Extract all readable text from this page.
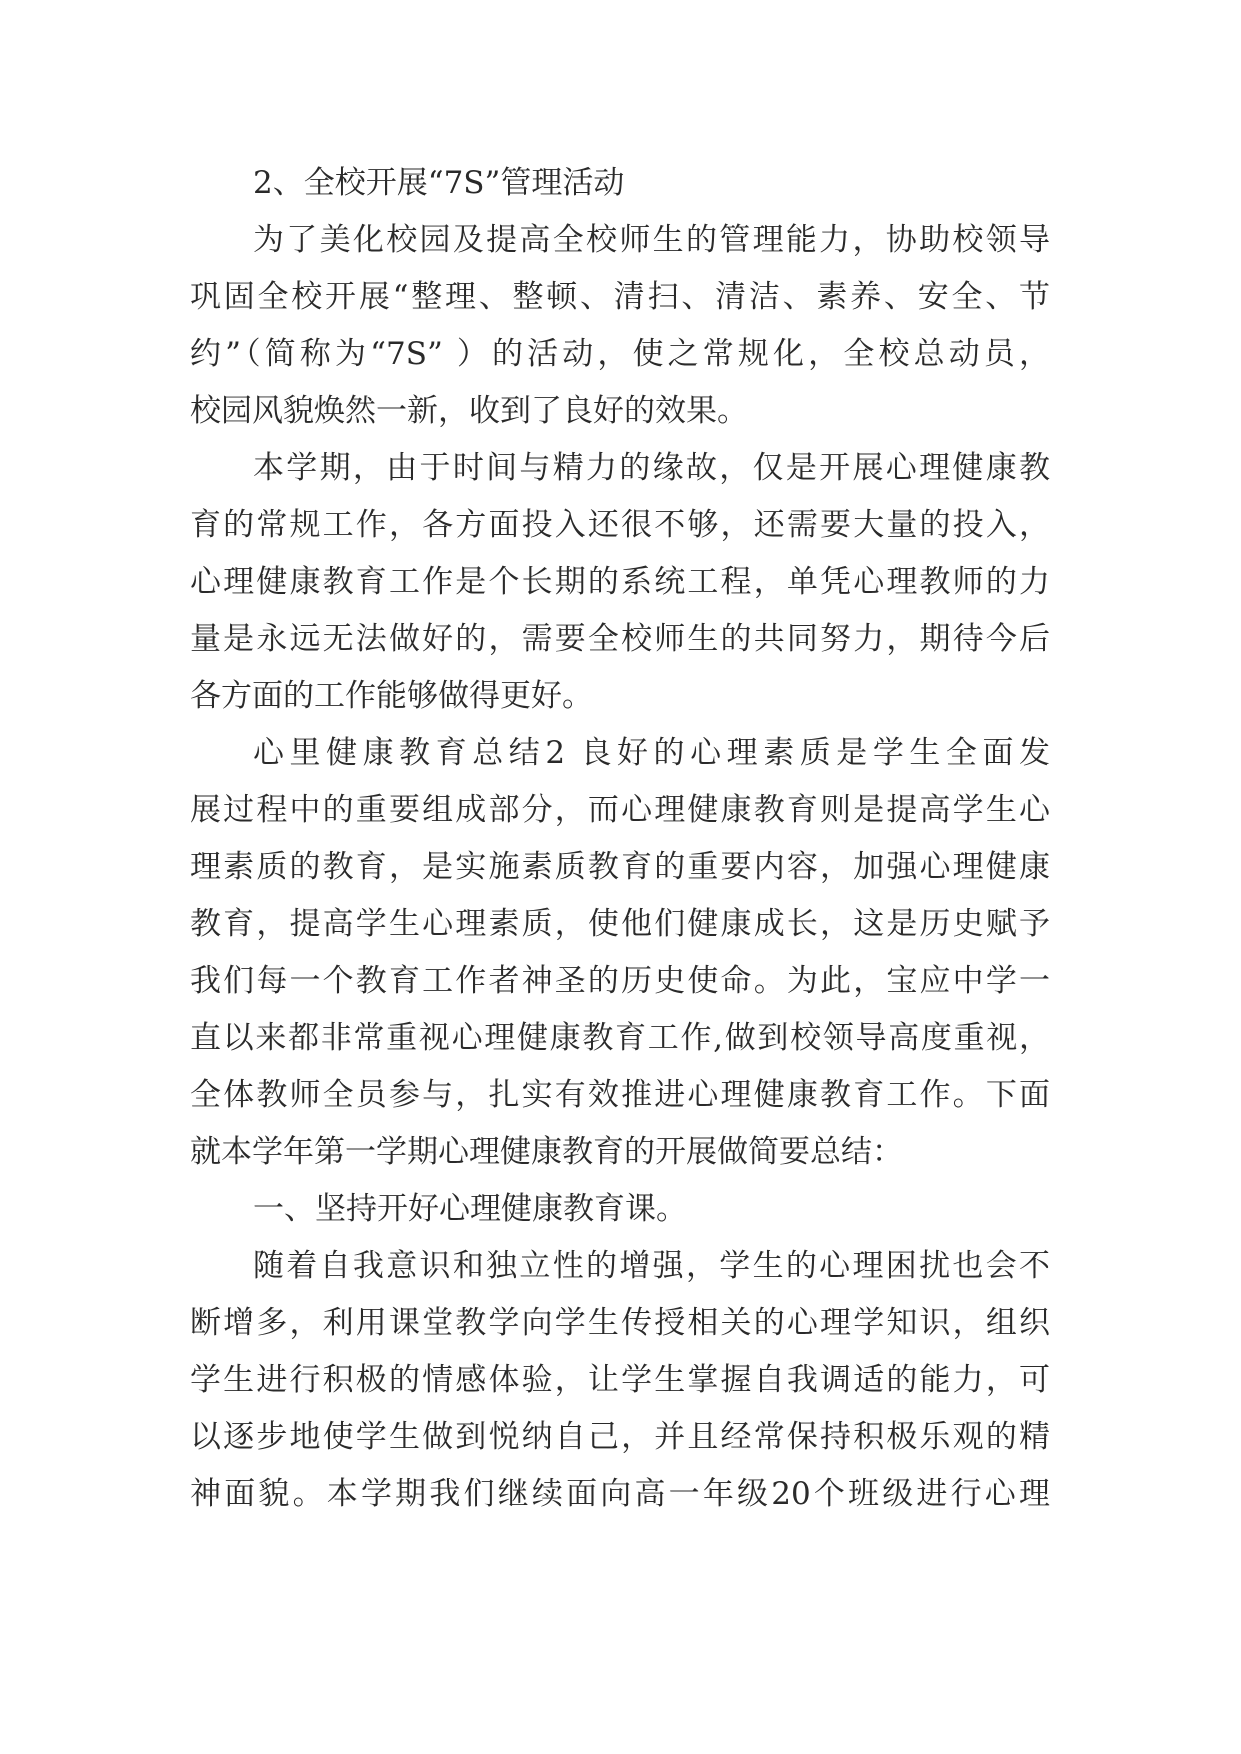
2、全校开展“7S”管理活动
为了美化校园及提高全校师生的管理能力，协助校领导
巩固全校开展“整理、整顿、清扫、清洁、素养、安全、节
约”（简称为“7S” ）的活动，使之常规化，全校总动员，
校园风貌焕然一新，收到了良好的效果。
本学期，由于时间与精力的缘故，仅是开展心理健康教
育的常规工作，各方面投入还很不够，还需要大量的投入，
心理健康教育工作是个长期的系统工程，单凭心理教师的力
量是永远无法做好的，需要全校师生的共同努力，期待今后
各方面的工作能够做得更好。
心里健康教育总结2 良好的心理素质是学生全面发
展过程中的重要组成部分，而心理健康教育则是提高学生心
理素质的教育，是实施素质教育的重要内容，加强心理健康
教育，提高学生心理素质，使他们健康成长，这是历史赋予
我们每一个教育工作者神圣的历史使命。为此，宝应中学一
直以来都非常重视心理健康教育工作,做到校领导高度重视，
全体教师全员参与，扎实有效推进心理健康教育工作。下面
就本学年第一学期心理健康教育的开展做简要总结：
一、坚持开好心理健康教育课。
随着自我意识和独立性的增强，学生的心理困扰也会不
断增多，利用课堂教学向学生传授相关的心理学知识，组织
学生进行积极的情感体验，让学生掌握自我调适的能力，可
以逐步地使学生做到悦纳自己，并且经常保持积极乐观的精
神面貌。本学期我们继续面向高一年级20个班级进行心理
